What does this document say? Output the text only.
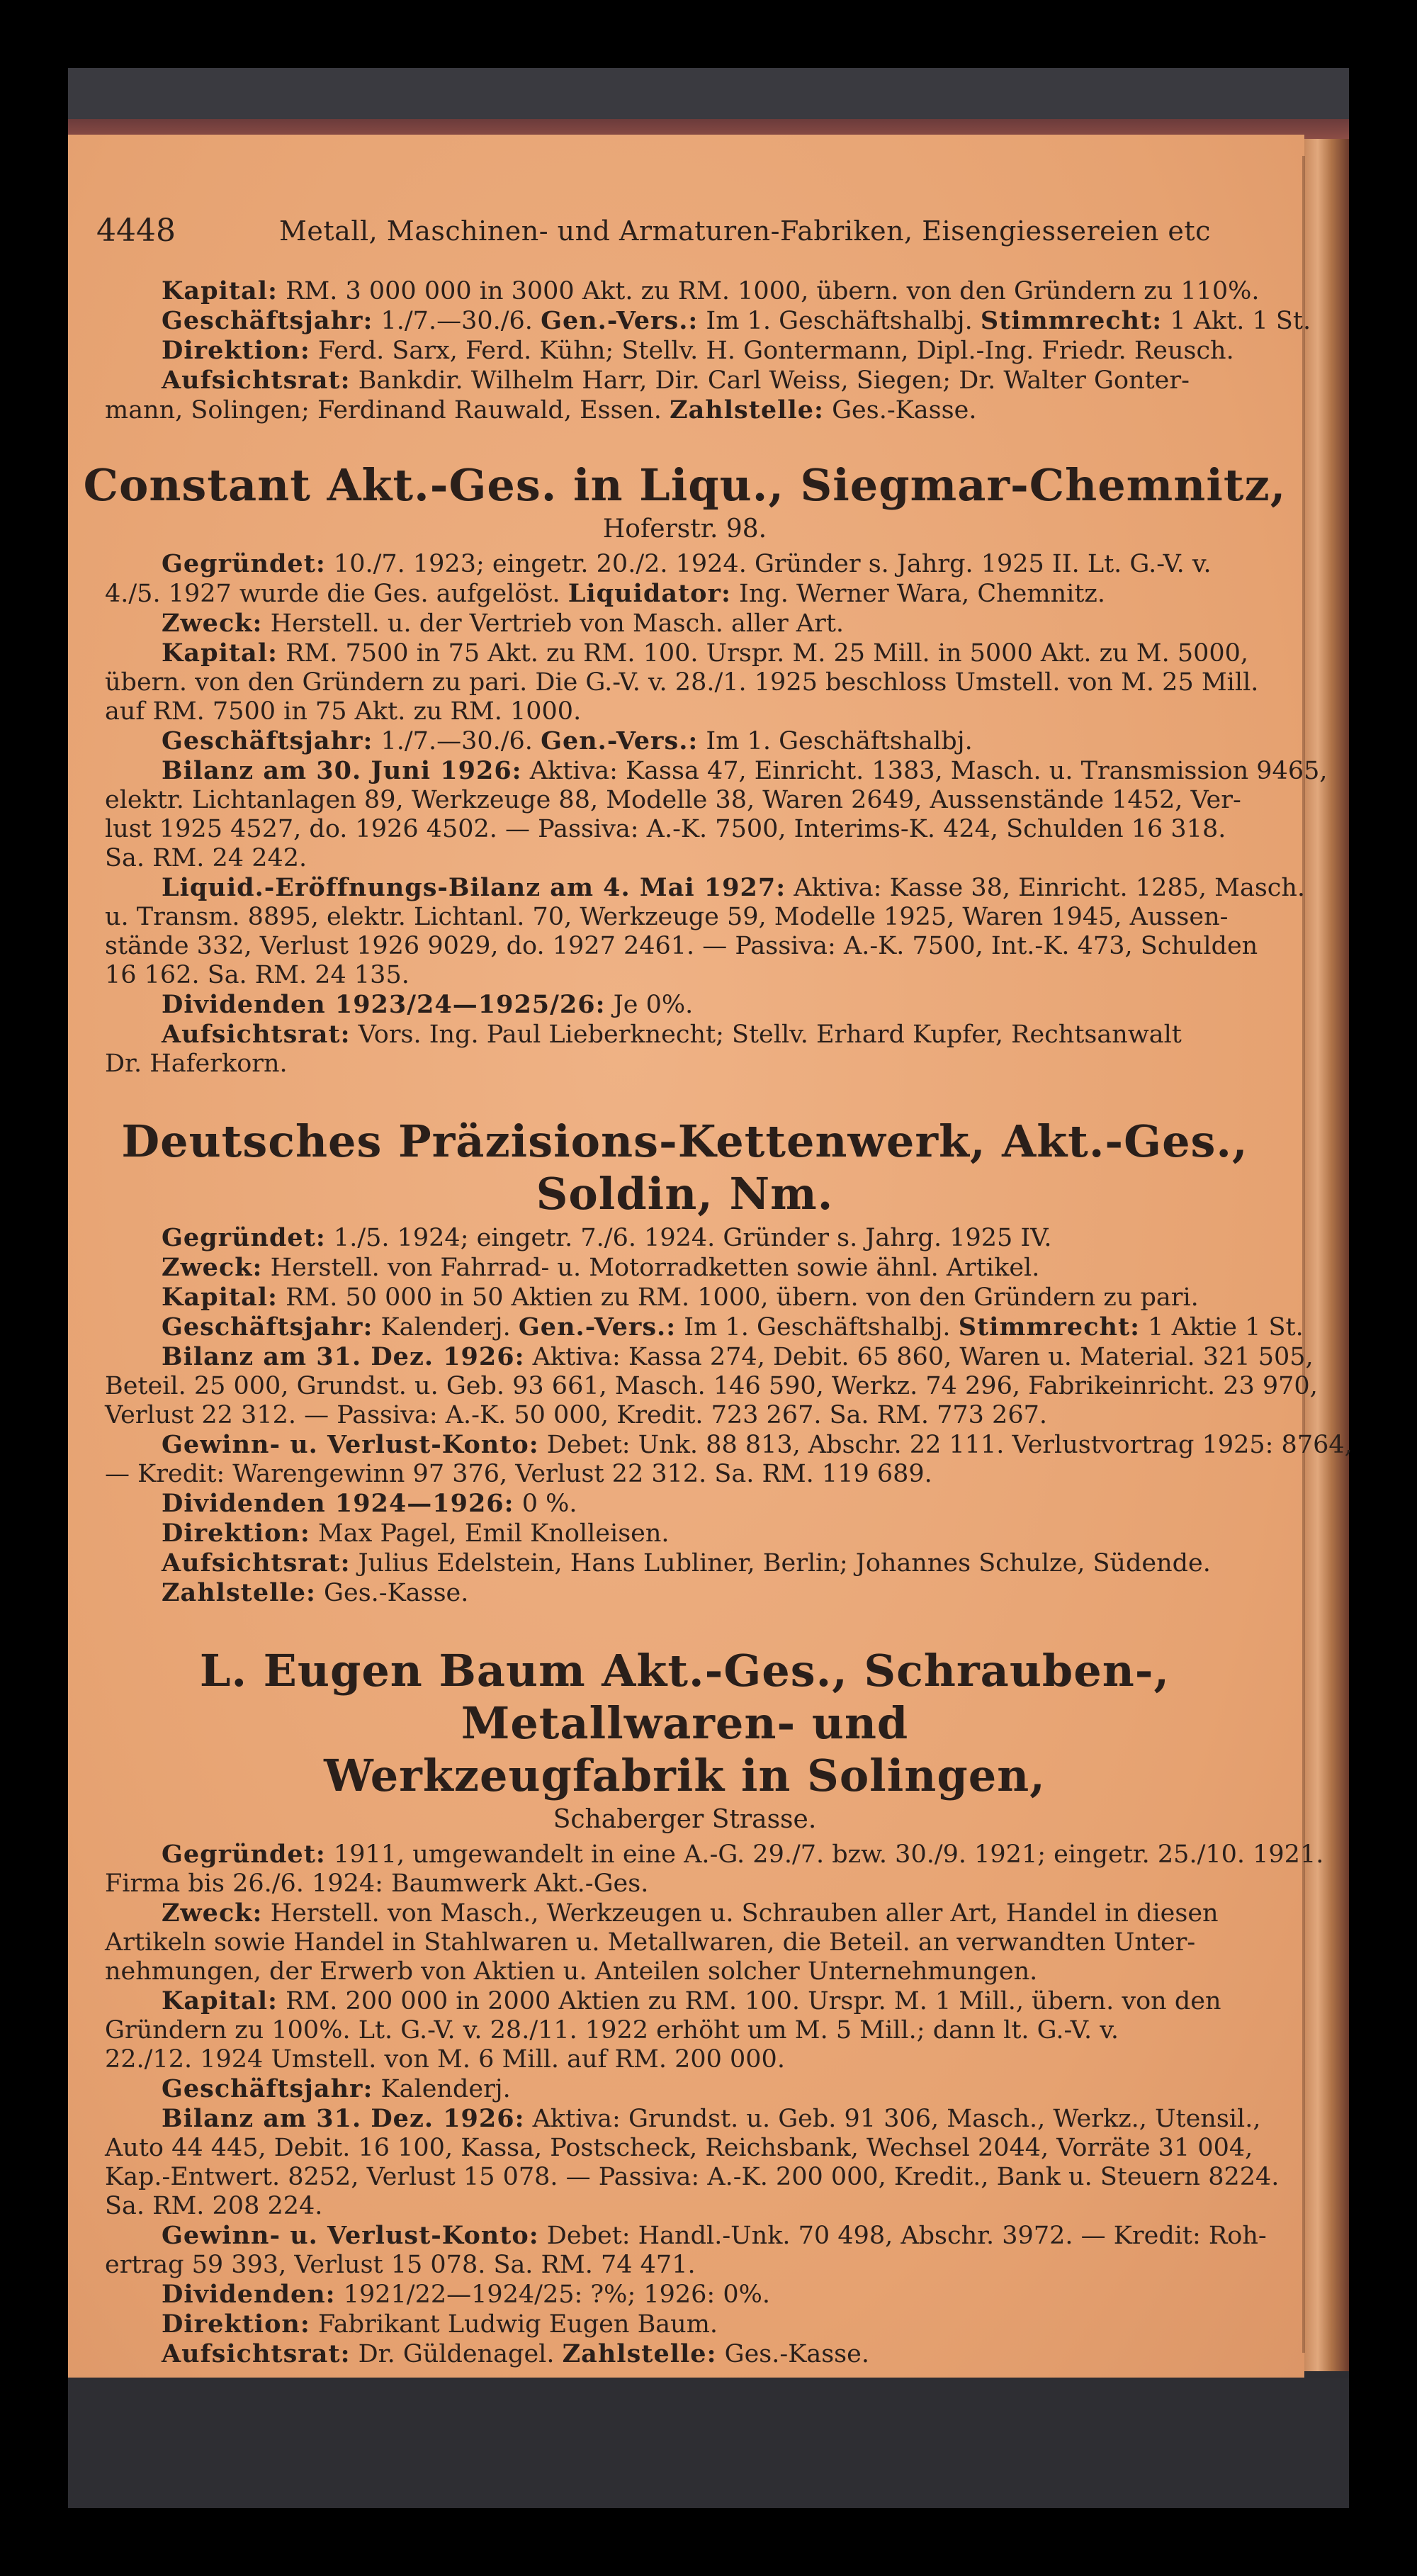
4448	Metall, Maschinen- und Armaturen-Fabriken, Eisengiessereien etc

Kapital: RM. 3 000 000 in 3000 Akt. zu RM. 1000, übern. von den Gründern zu 110%.

Geschäftsjahr: 1./7.—30./6. Gen.-Vers.: Im 1. Geschäftshalbj. Stimmrecht: 1 Akt. 1 St.

Direktion: Ferd. Sarx, Ferd. Kühn; Stellv. H. Gontermann, Dipl.-Ing. Friedr. Reusch.

Aufsichtsrat: Bankdir. Wilhelm Harr, Dir. Carl Weiss, Siegen; Dr. Walter Gonter-

mann, Solingen; Ferdinand Rauwald, Essen. Zahlstelle: Ges.-Kasse.

Constant Akt.-Ges. in Liqu., Siegmar-Chemnitz,
Hoferstr. 98.

Gegründet: 10./7. 1923; eingetr. 20./2. 1924. Gründer s. Jahrg. 1925 II. Lt. G.-V. v.

4./5. 1927 wurde die Ges. aufgelöst. Liquidator: Ing. Werner Wara, Chemnitz.

Zweck: Herstell. u. der Vertrieb von Masch. aller Art.

Kapital: RM. 7500 in 75 Akt. zu RM. 100. Urspr. M. 25 Mill. in 5000 Akt. zu M. 5000,

übern. von den Gründern zu pari. Die G.-V. v. 28./1. 1925 beschloss Umstell. von M. 25 Mill.

auf RM. 7500 in 75 Akt. zu RM. 1000.

Geschäftsjahr: 1./7.—30./6. Gen.-Vers.: Im 1. Geschäftshalbj.

Bilanz am 30. Juni 1926: Aktiva: Kassa 47, Einricht. 1383, Masch. u. Transmission 9465,

elektr. Lichtanlagen 89, Werkzeuge 88, Modelle 38, Waren 2649, Aussenstände 1452, Ver-

lust 1925 4527, do. 1926 4502. — Passiva: A.-K. 7500, Interims-K. 424, Schulden 16 318.

Sa. RM. 24 242.

Liquid.-Eröffnungs-Bilanz am 4. Mai 1927: Aktiva: Kasse 38, Einricht. 1285, Masch.

u. Transm. 8895, elektr. Lichtanl. 70, Werkzeuge 59, Modelle 1925, Waren 1945, Aussen-

stände 332, Verlust 1926 9029, do. 1927 2461. — Passiva: A.-K. 7500, Int.-K. 473, Schulden

16 162. Sa. RM. 24 135.

Dividenden 1923/24—1925/26: Je 0%.

Aufsichtsrat: Vors. Ing. Paul Lieberknecht; Stellv. Erhard Kupfer, Rechtsanwalt

Dr. Haferkorn.

Deutsches Präzisions-Kettenwerk, Akt.-Ges., Soldin, Nm.

Gegründet: 1./5. 1924; eingetr. 7./6. 1924. Gründer s. Jahrg. 1925 IV.

Zweck: Herstell. von Fahrrad- u. Motorradketten sowie ähnl. Artikel.

Kapital: RM. 50 000 in 50 Aktien zu RM. 1000, übern. von den Gründern zu pari.

Geschäftsjahr: Kalenderj. Gen.-Vers.: Im 1. Geschäftshalbj. Stimmrecht: 1 Aktie 1 St.

Bilanz am 31. Dez. 1926: Aktiva: Kassa 274, Debit. 65 860, Waren u. Material. 321 505,

Beteil. 25 000, Grundst. u. Geb. 93 661, Masch. 146 590, Werkz. 74 296, Fabrikeinricht. 23 970,

Verlust 22 312. — Passiva: A.-K. 50 000, Kredit. 723 267. Sa. RM. 773 267.

Gewinn- u. Verlust-Konto: Debet: Unk. 88 813, Abschr. 22 111. Verlustvortrag 1925: 8764,

— Kredit: Warengewinn 97 376, Verlust 22 312. Sa. RM. 119 689.

Dividenden 1924—1926: 0 %.

Direktion: Max Pagel, Emil Knolleisen.

Aufsichtsrat: Julius Edelstein, Hans Lubliner, Berlin; Johannes Schulze, Südende.

Zahlstelle: Ges.-Kasse.

L. Eugen Baum Akt.-Ges., Schrauben-, Metallwaren- und
Werkzeugfabrik in Solingen,
Schaberger Strasse.

Gegründet: 1911, umgewandelt in eine A.-G. 29./7. bzw. 30./9. 1921; eingetr. 25./10. 1921.

Firma bis 26./6. 1924: Baumwerk Akt.-Ges.

Zweck: Herstell. von Masch., Werkzeugen u. Schrauben aller Art, Handel in diesen

Artikeln sowie Handel in Stahlwaren u. Metallwaren, die Beteil. an verwandten Unter-

nehmungen, der Erwerb von Aktien u. Anteilen solcher Unternehmungen.

Kapital: RM. 200 000 in 2000 Aktien zu RM. 100. Urspr. M. 1 Mill., übern. von den

Gründern zu 100%. Lt. G.-V. v. 28./11. 1922 erhöht um M. 5 Mill.; dann lt. G.-V. v.

22./12. 1924 Umstell. von M. 6 Mill. auf RM. 200 000.

Geschäftsjahr: Kalenderj.

Bilanz am 31. Dez. 1926: Aktiva: Grundst. u. Geb. 91 306, Masch., Werkz., Utensil.,

Auto 44 445, Debit. 16 100, Kassa, Postscheck, Reichsbank, Wechsel 2044, Vorräte 31 004,

Kap.-Entwert. 8252, Verlust 15 078. — Passiva: A.-K. 200 000, Kredit., Bank u. Steuern 8224.

Sa. RM. 208 224.

Gewinn- u. Verlust-Konto: Debet: Handl.-Unk. 70 498, Abschr. 3972. — Kredit: Roh-

ertrag 59 393, Verlust 15 078. Sa. RM. 74 471.

Dividenden: 1921/22—1924/25: ?%; 1926: 0%.

Direktion: Fabrikant Ludwig Eugen Baum.

Aufsichtsrat: Dr. Güldenagel. Zahlstelle: Ges.-Kasse.
